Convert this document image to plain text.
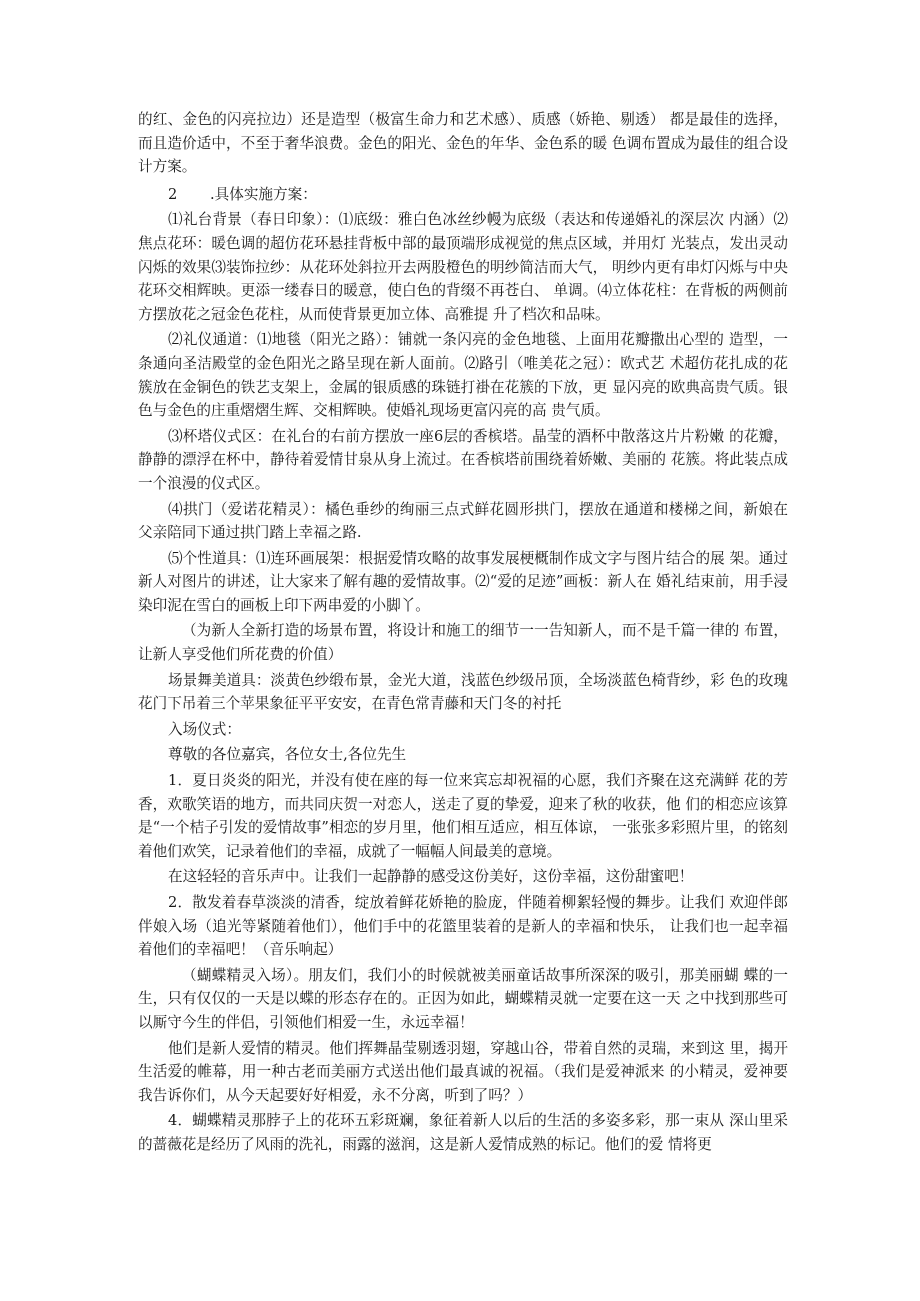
的红、金色的闪亮拉边）还是造型（极富生命力和艺术感）、质感（娇艳、剔透） 都是最佳的选择，而且造价适中，不至于奢华浪费。金色的阳光、金色的年华、金色系的暖 色调布置成为最佳的组合设计方案。

2 .具体实施方案：

⑴礼台背景（春日印象）：⑴底级：雅白色冰丝纱幔为底级（表达和传递婚礼的深层次 内涵）⑵焦点花环：暖色调的超仿花环悬挂背板中部的最顶端形成视觉的焦点区域，并用灯 光装点，发出灵动闪烁的效果⑶装饰拉纱：从花环处斜拉开去两股橙色的明纱简洁而大气， 明纱内更有串灯闪烁与中央花环交相辉映。更添一缕春日的暖意，使白色的背缀不再苍白、 单调。⑷立体花柱：在背板的两侧前方摆放花之冠金色花柱，从而使背景更加立体、高雅提 升了档次和品味。

⑵礼仪通道：⑴地毯（阳光之路）：铺就一条闪亮的金色地毯、上面用花瓣撒出心型的 造型，一条通向圣洁殿堂的金色阳光之路呈现在新人面前。⑵路引（唯美花之冠）：欧式艺 术超仿花扎成的花簇放在金铜色的铁艺支架上，金属的银质感的珠链打褂在花簇的下放，更 显闪亮的欧典高贵气质。银色与金色的庄重熠熠生辉、交相辉映。使婚礼现场更富闪亮的高 贵气质。

⑶杯塔仪式区：在礼台的右前方摆放一座6层的香槟塔。晶莹的酒杯中散落这片片粉嫩 的花瓣，静静的漂浮在杯中，静待着爱情甘泉从身上流过。在香槟塔前围绕着娇嫩、美丽的 花簇。将此装点成一个浪漫的仪式区。

⑷拱门（爱诺花精灵）：橘色垂纱的绚丽三点式鲜花圆形拱门，摆放在通道和楼梯之间，新娘在父亲陪同下通过拱门踏上幸福之路.

⑸个性道具：⑴连环画展架：根据爱情攻略的故事发展梗概制作成文字与图片结合的展 架。通过新人对图片的讲述，让大家来了解有趣的爱情故事。⑵“爱的足迹”画板：新人在 婚礼结束前，用手浸染印泥在雪白的画板上印下两串爱的小脚丫。

（为新人全新打造的场景布置，将设计和施工的细节一一告知新人，而不是千篇一律的 布置，让新人享受他们所花费的价值）

场景舞美道具：淡黄色纱缎布景，金光大道，浅蓝色纱级吊顶，全场淡蓝色椅背纱，彩 色的玫瑰花门下吊着三个苹果象征平平安安，在青色常青藤和天门冬的衬托

入场仪式：

尊敬的各位嘉宾，各位女士,各位先生

1．夏日炎炎的阳光，并没有使在座的每一位来宾忘却祝福的心愿，我们齐聚在这充满鲜 花的芳香，欢歌笑语的地方，而共同庆贺一对恋人，送走了夏的挚爱，迎来了秋的收获，他 们的相恋应该算是“一个桔子引发的爱情故事”相恋的岁月里，他们相互适应，相互体谅， 一张张多彩照片里，的铭刻着他们欢笑，记录着他们的幸福，成就了一幅幅人间最美的意境。

在这轻轻的音乐声中。让我们一起静静的感受这份美好，这份幸福，这份甜蜜吧！

2．散发着春草淡淡的清香，绽放着鲜花娇艳的脸庞，伴随着柳絮轻慢的舞步。让我们 欢迎伴郎伴娘入场（追光等紧随着他们），他们手中的花篮里装着的是新人的幸福和快乐， 让我们也一起幸福着他们的幸福吧！（音乐响起）

（蝴蝶精灵入场）。朋友们，我们小的时候就被美丽童话故事所深深的吸引，那美丽蝴 蝶的一生，只有仅仅的一天是以蝶的形态存在的。正因为如此，蝴蝶精灵就一定要在这一天 之中找到那些可以厮守今生的伴侣，引领他们相爱一生，永远幸福！

他们是新人爱情的精灵。他们挥舞晶莹剔透羽翅，穿越山谷，带着自然的灵瑞，来到这 里，揭开生活爱的帷幕，用一种古老而美丽方式送出他们最真诚的祝福。（我们是爱神派来 的小精灵，爱神要我告诉你们，从今天起要好好相爱，永不分离，听到了吗？）

4．蝴蝶精灵那脖子上的花环五彩斑斓，象征着新人以后的生活的多姿多彩，那一束从 深山里采的蔷薇花是经历了风雨的洗礼，雨露的滋润，这是新人爱情成熟的标记。他们的爱 情将更
